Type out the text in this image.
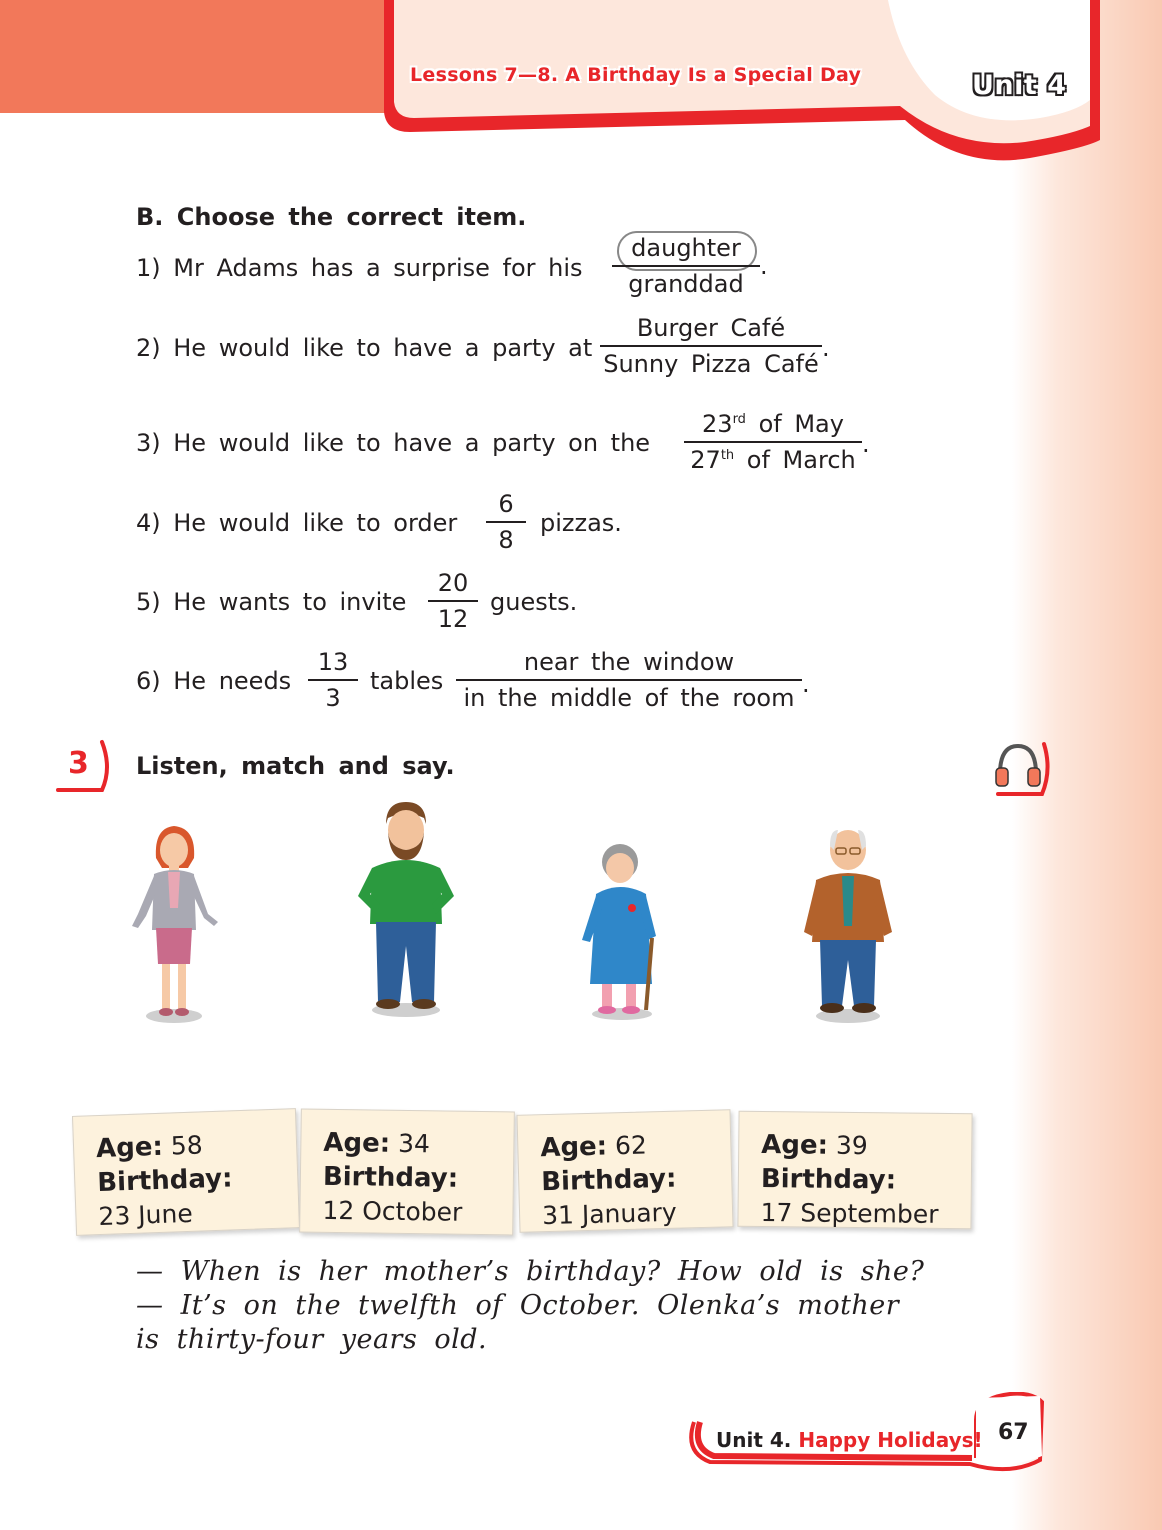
Lessons 7—8. A Birthday Is a Special Day	Unit 4
B. Choose the correct item.
1) Mr Adams has a surprise for his
daughter
granddad
.
2) He would like to have a party at
Burger Café
Sunny Pizza Café
.
3) He would like to have a party on the
23rd of May
27th of March
.
4) He would like to order
6
8
pizzas.
5) He wants to invite
20
12
guests.
6) He needs
13
3
tables
near the window
in the middle of the room .
3 Listen, match and say.
Age: 58
Birthday:
23 June
Age: 34
Birthday:
12 October
Age: 62
Birthday:
31 January
Age: 39
Birthday:
17 September
— When is her mother’s birthday? How old is she?
— It’s on the twelfth of October. Olenka’s mother
is thirty-four years old.
Unit 4. Happy Holidays! 67
